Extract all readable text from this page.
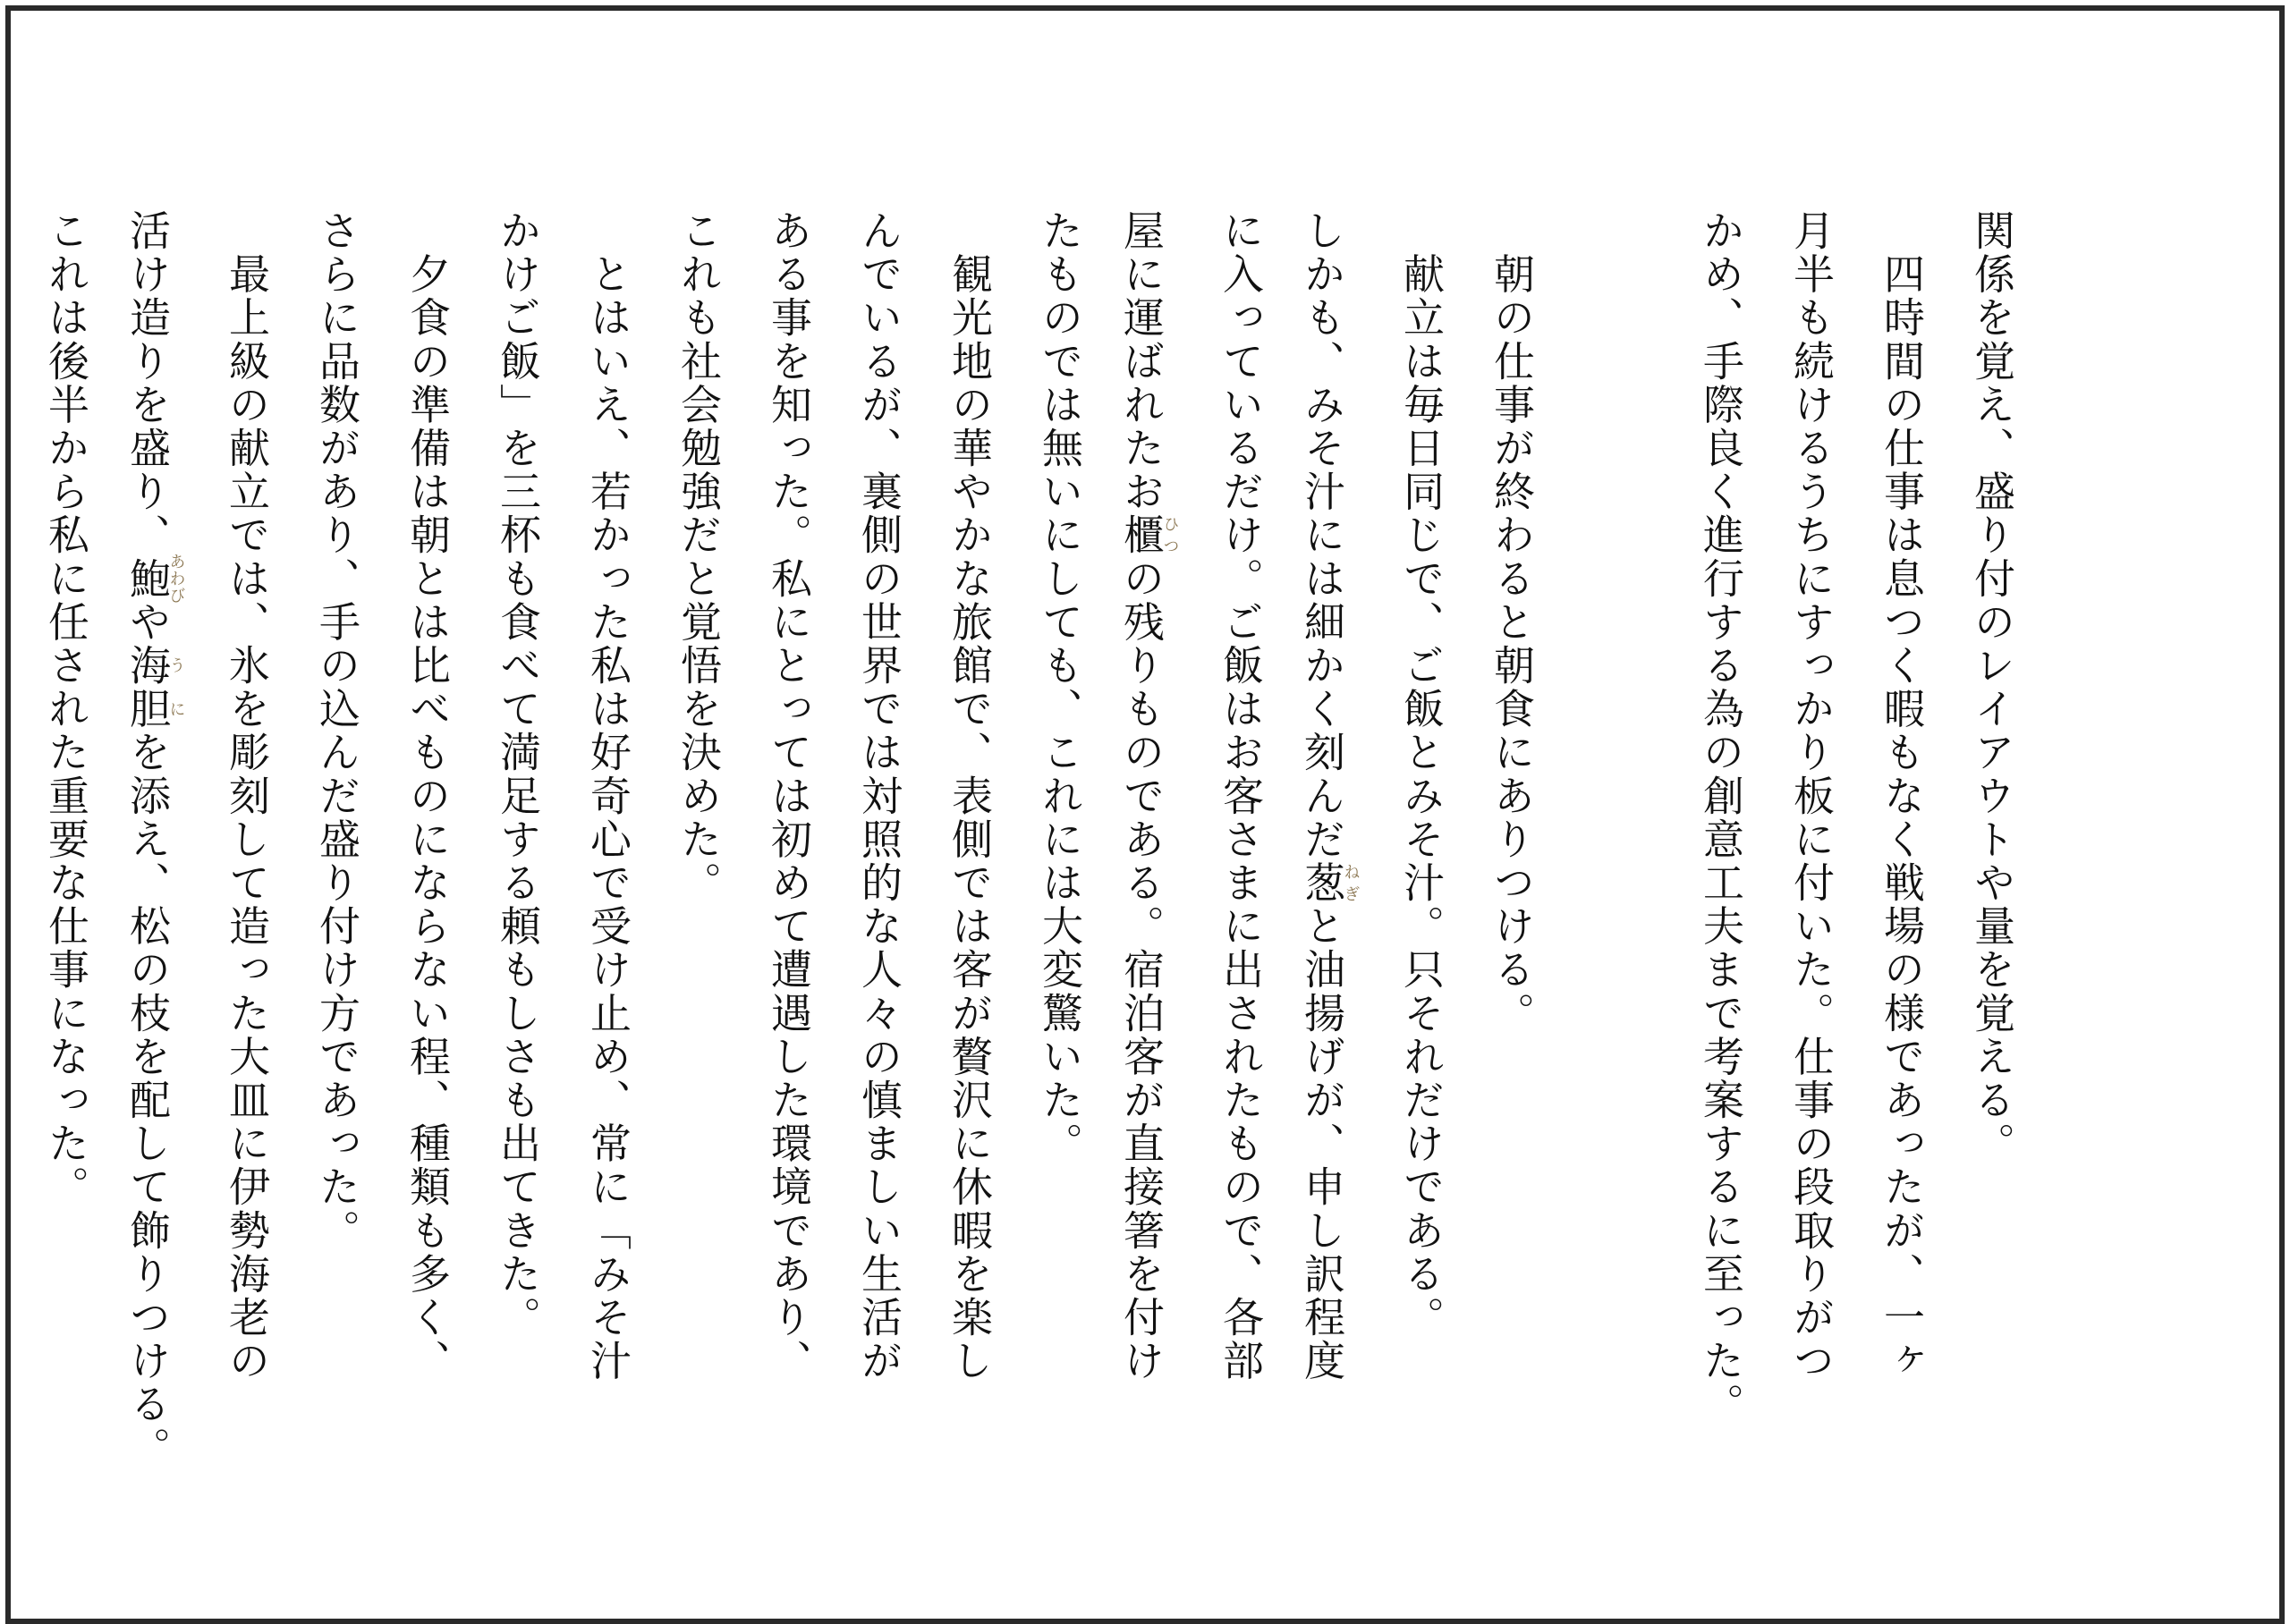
関係を覚え、盛り付のレイアウトや量を覚える。
　四時間の仕事は息つく暇もなく戦場の様であったが、一ヶ
月半も続けるうちにすっかり板に付いた。仕事の段取りがつ
かめ、手際良く進行する為の創意工夫まで考案するに至った。
　朝の仕事が終わると朝食にありつける。
　献立は毎日同じで、ご飯とみそ汁。只それだけである。
しかも、みそ汁には細かく刻んだ葱ねぎと油揚げが、申し訳程度
に入っているだけ。ご飯はお客さまに出されたもので、各部
屋に運ばれたお櫃ひつの残りものである。宿泊客が直接箸を付け
たものでは無いにしても、これには大変驚いた。
　観光地の華やかな旅館で、表側では客が贅沢に休暇を楽し
んでいるが、裏側の世界では対照的な人々の慎ましい生活が
ある事を知った。私にとっては初めて遭遇した環境であり、
これも社会勉強だと覚悟を決めた。
　とはいえ、若かった私は好奇心で受け止め、常に「みそ汁
かけご飯」を三杯も食べて満足する頼もしさも出てきた。
　夕食の準備は朝とは比べものにならない程、種類も多く、
さらに品数があり、手の込んだ盛り付け方であった。
　最上級の献立では、氷を彫刻して造った大皿に伊勢海老の
活け造りを盛り、鮑あわびや海胆うにを添え、松の枝を配して飾りつける。
これは後半から私に任された重要な仕事になった。
